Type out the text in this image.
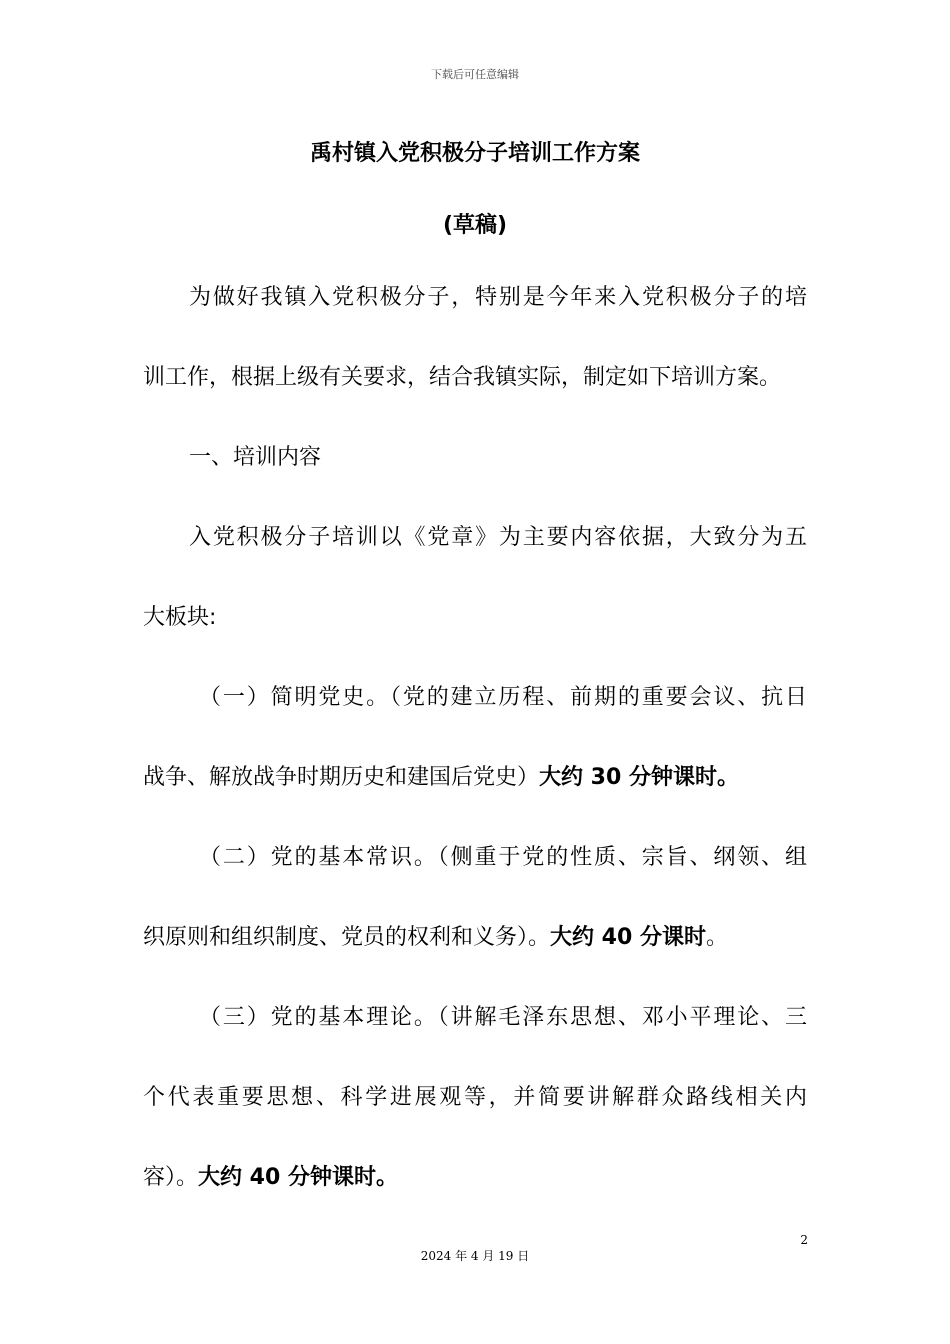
下载后可任意编辑
禹村镇入党积极分子培训工作方案
(草稿)
为做好我镇入党积极分子，特别是今年来入党积极分子的培
训工作，根据上级有关要求，结合我镇实际，制定如下培训方案。
一、培训内容
入党积极分子培训以《党章》为主要内容依据，大致分为五
大板块:
（一）简明党史。（党的建立历程、前期的重要会议、抗日
战争、解放战争时期历史和建国后党史）大约 30 分钟课时。
（二）党的基本常识。（侧重于党的性质、宗旨、纲领、组
织原则和组织制度、党员的权利和义务）。大约 40 分课时。
（三）党的基本理论。（讲解毛泽东思想、邓小平理论、三
个代表重要思想、科学进展观等，并简要讲解群众路线相关内
容）。大约 40 分钟课时。
2
2024 年 4 月 19 日
